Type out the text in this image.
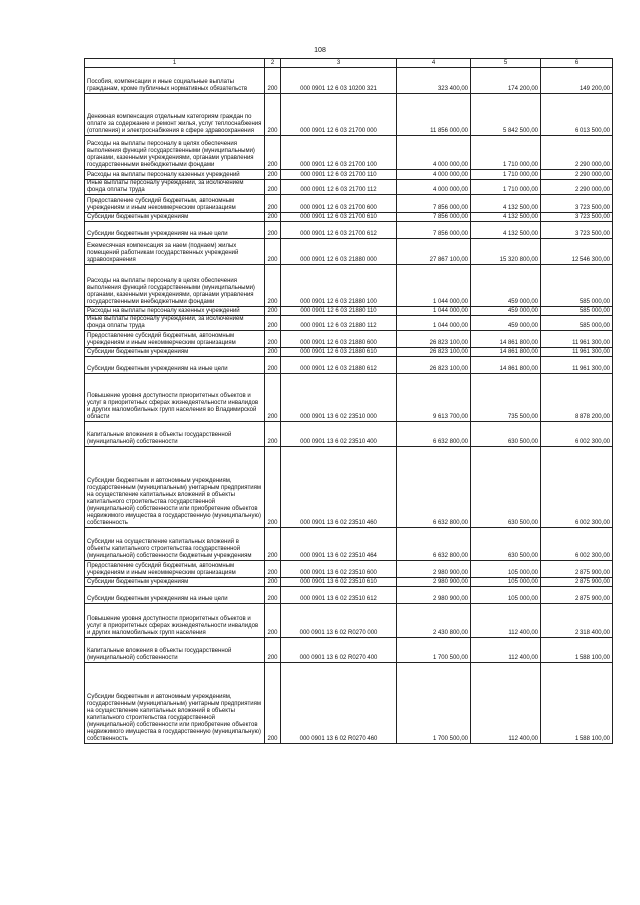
108
1	2	3	4	5	6
Пособия, компенсации и иные социальные выплаты гражданам, кроме публичных нормативных обязательств	200	000 0901 12 6 03 10200 321	323 400,00	174 200,00	149 200,00
Денежная компенсация отдельным категориям граждан по оплате за содержание и ремонт жилья, услуг теплоснабжения (отопления) и электроснабжения в сфере здравоохранения	200	000 0901 12 6 03 21700 000	11 856 000,00	5 842 500,00	6 013 500,00
Расходы на выплаты персоналу в целях обеспечения выполнения функций государственными (муниципальными) органами, казенными учреждениями, органами управления государственными внебюджетными фондами	200	000 0901 12 6 03 21700 100	4 000 000,00	1 710 000,00	2 290 000,00
Расходы на выплаты персоналу казенных учреждений	200	000 0901 12 6 03 21700 110	4 000 000,00	1 710 000,00	2 290 000,00
Иные выплаты персоналу учреждений, за исключением фонда оплаты труда	200	000 0901 12 6 03 21700 112	4 000 000,00	1 710 000,00	2 290 000,00
Предоставление субсидий бюджетным, автономным учреждениям и иным некоммерческим организациям	200	000 0901 12 6 03 21700 600	7 856 000,00	4 132 500,00	3 723 500,00
Субсидии бюджетным учреждениям	200	000 0901 12 6 03 21700 610	7 856 000,00	4 132 500,00	3 723 500,00
Субсидии бюджетным учреждениям на иные цели	200	000 0901 12 6 03 21700 612	7 856 000,00	4 132 500,00	3 723 500,00
Ежемесячная компенсация за наем (поднаем) жилых помещений работникам государственных учреждений здравоохранения	200	000 0901 12 6 03 21880 000	27 867 100,00	15 320 800,00	12 546 300,00
Расходы на выплаты персоналу в целях обеспечения выполнения функций государственными (муниципальными) органами, казенными учреждениями, органами управления государственными внебюджетными фондами	200	000 0901 12 6 03 21880 100	1 044 000,00	459 000,00	585 000,00
Расходы на выплаты персоналу казенных учреждений	200	000 0901 12 6 03 21880 110	1 044 000,00	459 000,00	585 000,00
Иные выплаты персоналу учреждений, за исключением фонда оплаты труда	200	000 0901 12 6 03 21880 112	1 044 000,00	459 000,00	585 000,00
Предоставление субсидий бюджетным, автономным учреждениям и иным некоммерческим организациям	200	000 0901 12 6 03 21880 600	26 823 100,00	14 861 800,00	11 961 300,00
Субсидии бюджетным учреждениям	200	000 0901 12 6 03 21880 610	26 823 100,00	14 861 800,00	11 961 300,00
Субсидии бюджетным учреждениям на иные цели	200	000 0901 12 6 03 21880 612	26 823 100,00	14 861 800,00	11 961 300,00
Повышение уровня доступности приоритетных объектов и услуг в приоритетных сферах жизнедеятельности инвалидов и других маломобильных групп населения во Владимирской области	200	000 0901 13 6 02 23510 000	9 613 700,00	735 500,00	8 878 200,00
Капитальные вложения в объекты государственной (муниципальной) собственности	200	000 0901 13 6 02 23510 400	6 632 800,00	630 500,00	6 002 300,00
Субсидии бюджетным и автономным учреждениям, государственным (муниципальным) унитарным предприятиям на осуществление капитальных вложений в объекты капитального строительства государственной (муниципальной) собственности или приобретение объектов недвижимого имущества в государственную (муниципальную) собственность	200	000 0901 13 6 02 23510 460	6 632 800,00	630 500,00	6 002 300,00
Субсидии на осуществление капитальных вложений в объекты капитального строительства государственной (муниципальной) собственности бюджетным учреждениям	200	000 0901 13 6 02 23510 464	6 632 800,00	630 500,00	6 002 300,00
Предоставление субсидий бюджетным, автономным учреждениям и иным некоммерческим организациям	200	000 0901 13 6 02 23510 600	2 980 900,00	105 000,00	2 875 900,00
Субсидии бюджетным учреждениям	200	000 0901 13 6 02 23510 610	2 980 900,00	105 000,00	2 875 900,00
Субсидии бюджетным учреждениям на иные цели	200	000 0901 13 6 02 23510 612	2 980 900,00	105 000,00	2 875 900,00
Повышение уровня доступности приоритетных объектов и услуг в приоритетных сферах жизнедеятельности инвалидов и других маломобильных групп населения	200	000 0901 13 6 02 R0270 000	2 430 800,00	112 400,00	2 318 400,00
Капитальные вложения в объекты государственной (муниципальной) собственности	200	000 0901 13 6 02 R0270 400	1 700 500,00	112 400,00	1 588 100,00
Субсидии бюджетным и автономным учреждениям, государственным (муниципальным) унитарным предприятиям на осуществление капитальных вложений в объекты капитального строительства государственной (муниципальной) собственности или приобретение объектов недвижимого имущества в государственную (муниципальную) собственность	200	000 0901 13 6 02 R0270 460	1 700 500,00	112 400,00	1 588 100,00
